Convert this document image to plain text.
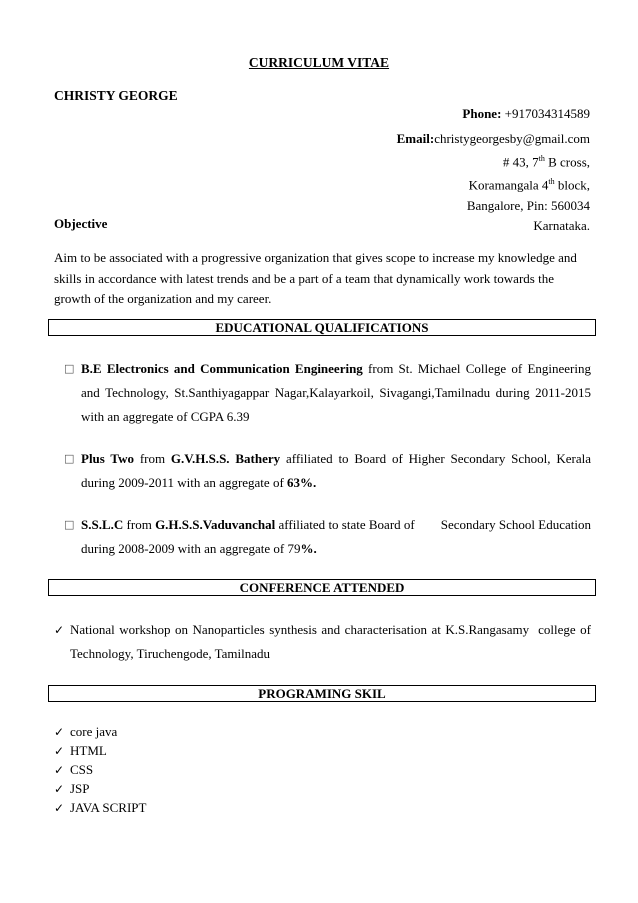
CURRICULUM VITAE
CHRISTY GEORGE
Phone: +917034314589
Email:christygeorgesby@gmail.com
# 43, 7th B cross,
Koramangala 4th block,
Bangalore, Pin: 560034
Karnataka.
Objective
Aim to be associated with a progressive organization that gives scope to increase my knowledge and skills in accordance with latest trends and be a part of a team that dynamically work towards the growth of the organization and my career.
EDUCATIONAL QUALIFICATIONS
□ B.E Electronics and Communication Engineering from St. Michael College of Engineering and Technology, St.Santhiyagappar Nagar,Kalayarkoil, Sivagangi,Tamilnadu during 2011-2015 with an aggregate of CGPA 6.39
□ Plus Two from G.V.H.S.S. Bathery affiliated to Board of Higher Secondary School, Kerala during 2009-2011 with an aggregate of 63%.
□ S.S.L.C from G.H.S.S.Vaduvanchal affiliated to state Board of        Secondary School Education during 2008-2009 with an aggregate of 79%.
CONFERENCE ATTENDED
✓ National workshop on Nanoparticles synthesis and characterisation at K.S.Rangasamy  college of Technology, Tiruchengode, Tamilnadu
PROGRAMING SKIL
✓ core java
✓ HTML
✓ CSS
✓ JSP
✓ JAVA SCRIPT
